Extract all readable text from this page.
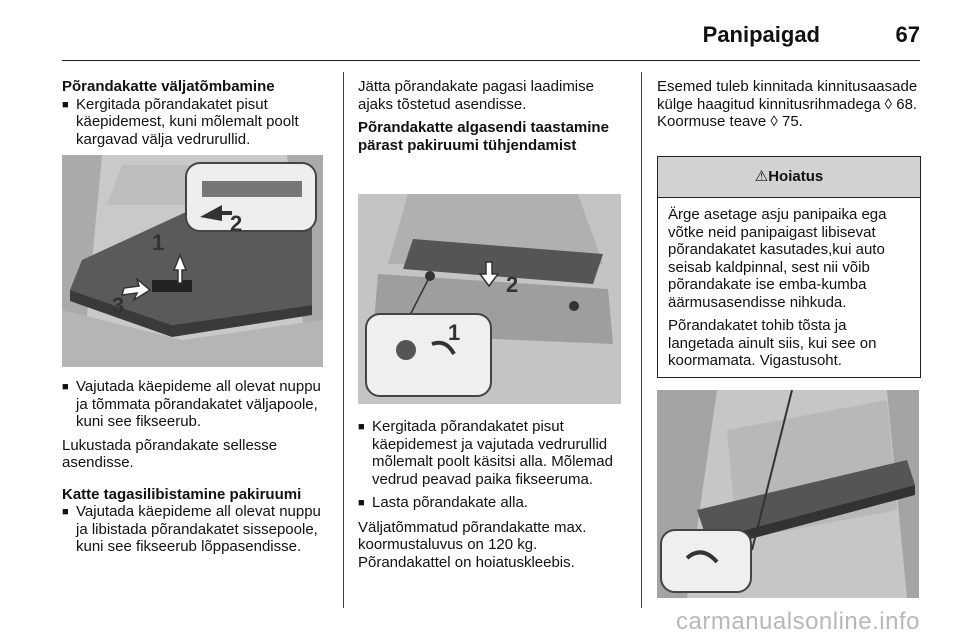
Panipaigad	67

Põrandakatte väljatõmbamine

■ Kergitada põrandakatet pisut käepidemest, kuni mõlemalt poolt kargavad välja vedrurullid.
1
2
3
■ Vajutada käepideme all olevat nuppu ja tõmmata põrandakatet väljapoole, kuni see fikseerub.

Lukustada põrandakate sellesse asendisse.

Katte tagasilibistamine pakiruumi

■ Vajutada käepideme all olevat nuppu ja libistada põrandakatet sissepoole, kuni see fikseerub lõppasendisse.

Jätta põrandakate pagasi laadimise ajaks tõstetud asendisse.

Põrandakatte algasendi taastamine pärast pakiruumi tühjendamist

2
1
■ Kergitada põrandakatet pisut käepidemest ja vajutada vedrurullid mõlemalt poolt käsitsi alla. Mõlemad vedrud peavad paika fikseeruma.
■ Lasta põrandakate alla.

Väljatõmmatud põrandakatte max. koormustaluvus on 120 kg.

Põrandakattel on hoiatuskleebis.

Esemed tuleb kinnitada kinnitusaasade külge haagitud kinnitusrihmadega ◊ 68. Koormuse teave ◊ 75.

⚠Hoiatus

Ärge asetage asju panipaika ega võtke neid panipaigast libisevat põrandakatet kasutades,kui auto seisab kaldpinnal, sest nii võib põrandakate ise emba-kumba äärmusasendisse nihkuda.

Põrandakatet tohib tõsta ja langetada ainult siis, kui see on koormamata. Vigastusoht.

carmanualsonline.info
